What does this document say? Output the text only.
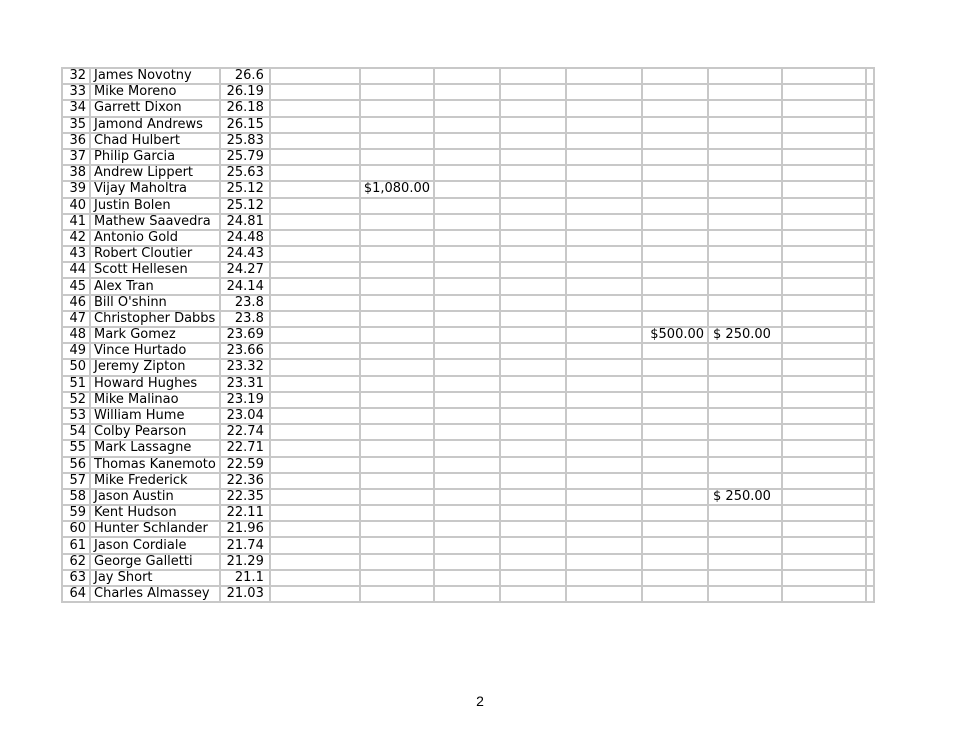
32	James Novotny	26.6									
33	Mike Moreno	26.19									
34	Garrett Dixon	26.18									
35	Jamond Andrews	26.15									
36	Chad Hulbert	25.83									
37	Philip Garcia	25.79									
38	Andrew Lippert	25.63									
39	Vijay Maholtra	25.12		$1,080.00							
40	Justin Bolen	25.12									
41	Mathew Saavedra	24.81									
42	Antonio Gold	24.48									
43	Robert Cloutier	24.43									
44	Scott Hellesen	24.27									
45	Alex Tran	24.14									
46	Bill O'shinn	23.8									
47	Christopher Dabbs	23.8									
48	Mark Gomez	23.69						$500.00	$ 250.00		
49	Vince Hurtado	23.66									
50	Jeremy Zipton	23.32									
51	Howard Hughes	23.31									
52	Mike Malinao	23.19									
53	William Hume	23.04									
54	Colby Pearson	22.74									
55	Mark Lassagne	22.71									
56	Thomas Kanemoto	22.59									
57	Mike Frederick	22.36									
58	Jason Austin	22.35							$ 250.00		
59	Kent Hudson	22.11									
60	Hunter Schlander	21.96									
61	Jason Cordiale	21.74									
62	George Galletti	21.29									
63	Jay Short	21.1									
64	Charles Almassey	21.03									
2
